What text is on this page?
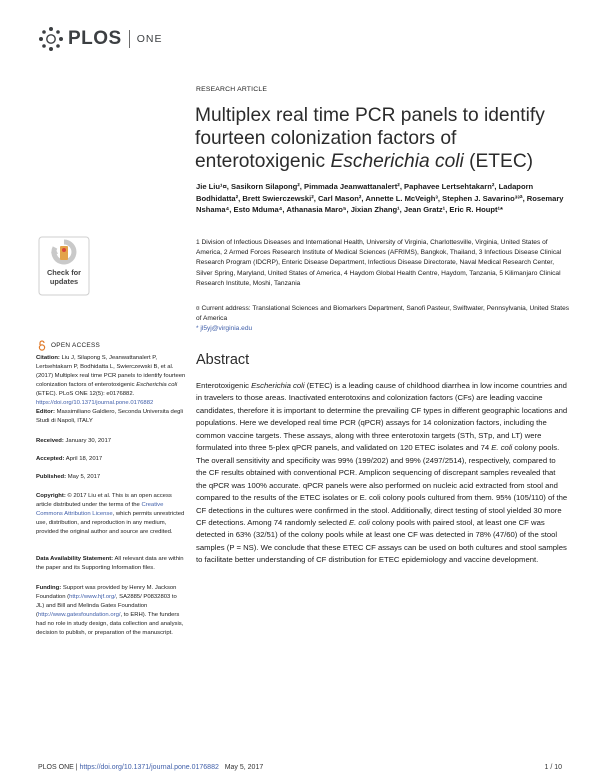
PLOS ONE
RESEARCH ARTICLE
Multiplex real time PCR panels to identify fourteen colonization factors of enterotoxigenic Escherichia coli (ETEC)
Jie Liu¹¤, Sasikorn Silapong², Pimmada Jeanwattanalert², Paphavee Lertsehtakarn², Ladaporn Bodhidatta², Brett Swierczewski², Carl Mason², Annette L. McVeigh³, Stephen J. Savarino³³ª, Rosemary Nshama⁴, Esto Mduma⁴, Athanasia Maro⁵, Jixian Zhang¹, Jean Gratz¹, Eric R. Houpt¹*
Check for
updates
1 Division of Infectious Diseases and International Health, University of Virginia, Charlottesville, Virginia, United States of America, 2 Armed Forces Research Institute of Medical Sciences (AFRIMS), Bangkok, Thailand, 3 Infectious Disease Clinical Research Program (IDCRP), Enteric Disease Department, Infectious Disease Directorate, Naval Medical Research Center, Silver Spring, Maryland, United States of America, 4 Haydom Global Health Centre, Haydom, Tanzania, 5 Kilimanjaro Clinical Research Institute, Moshi, Tanzania
¤ Current address: Translational Sciences and Biomarkers Department, Sanofi Pasteur, Swiftwater, Pennsylvania, United States of America
* jl5yj@virginia.edu
OPEN ACCESS
Citation: Liu J, Silapong S, Jeanwattanalert P, Lertsehtakarn P, Bodhidatta L, Swierczewski B, et al. (2017) Multiplex real time PCR panels to identify fourteen colonization factors of enterotoxigenic Escherichia coli (ETEC). PLoS ONE 12(5): e0176882. https://doi.org/10.1371/journal.pone.0176882
Editor: Massimiliano Galdiero, Seconda Universita degli Studi di Napoli, ITALY
Received: January 30, 2017
Accepted: April 18, 2017
Published: May 5, 2017
Copyright: © 2017 Liu et al. This is an open access article distributed under the terms of the Creative Commons Attribution License, which permits unrestricted use, distribution, and reproduction in any medium, provided the original author and source are credited.
Data Availability Statement: All relevant data are within the paper and its Supporting Information files.
Funding: Support was provided by Henry M. Jackson Foundation (http://www.hjf.org/, SA2885/ P0832803 to JL) and Bill and Melinda Gates Foundation (http://www.gatesfoundation.org/, to ERH). The funders had no role in study design, data collection and analysis, decision to publish, or preparation of the manuscript.
Abstract
Enterotoxigenic Escherichia coli (ETEC) is a leading cause of childhood diarrhea in low income countries and in travelers to those areas. Inactivated enterotoxins and colonization factors (CFs) are leading vaccine candidates, therefore it is important to determine the prevailing CF types in different geographic locations and populations. Here we developed real time PCR (qPCR) assays for 14 colonization factors, including the common vaccine targets. These assays, along with three enterotoxin targets (STh, STp, and LT) were formulated into three 5-plex qPCR panels, and validated on 120 ETEC isolates and 74 E. coli colony pools. The overall sensitivity and specificity was 99% (199/202) and 99% (2497/2514), respectively, compared to the CF results obtained with conventional PCR. Amplicon sequencing of discrepant samples revealed that the qPCR was 100% accurate. qPCR panels were also performed on nucleic acid extracted from stool and compared to the results of the ETEC isolates or E. coli colony pools cultured from them. 95% (105/110) of the CF detections in the cultures were confirmed in the stool. Additionally, direct testing of stool yielded 30 more CF detections. Among 74 randomly selected E. coli colony pools with paired stool, at least one CF was detected in 63% (32/51) of the colony pools while at least one CF was detected in 78% (47/60) of the stool samples (P = NS). We conclude that these ETEC CF assays can be used on both cultures and stool samples to facilitate better understanding of CF distribution for ETEC epidemiology and vaccine development.
PLOS ONE | https://doi.org/10.1371/journal.pone.0176882 May 5, 2017	1 / 10
